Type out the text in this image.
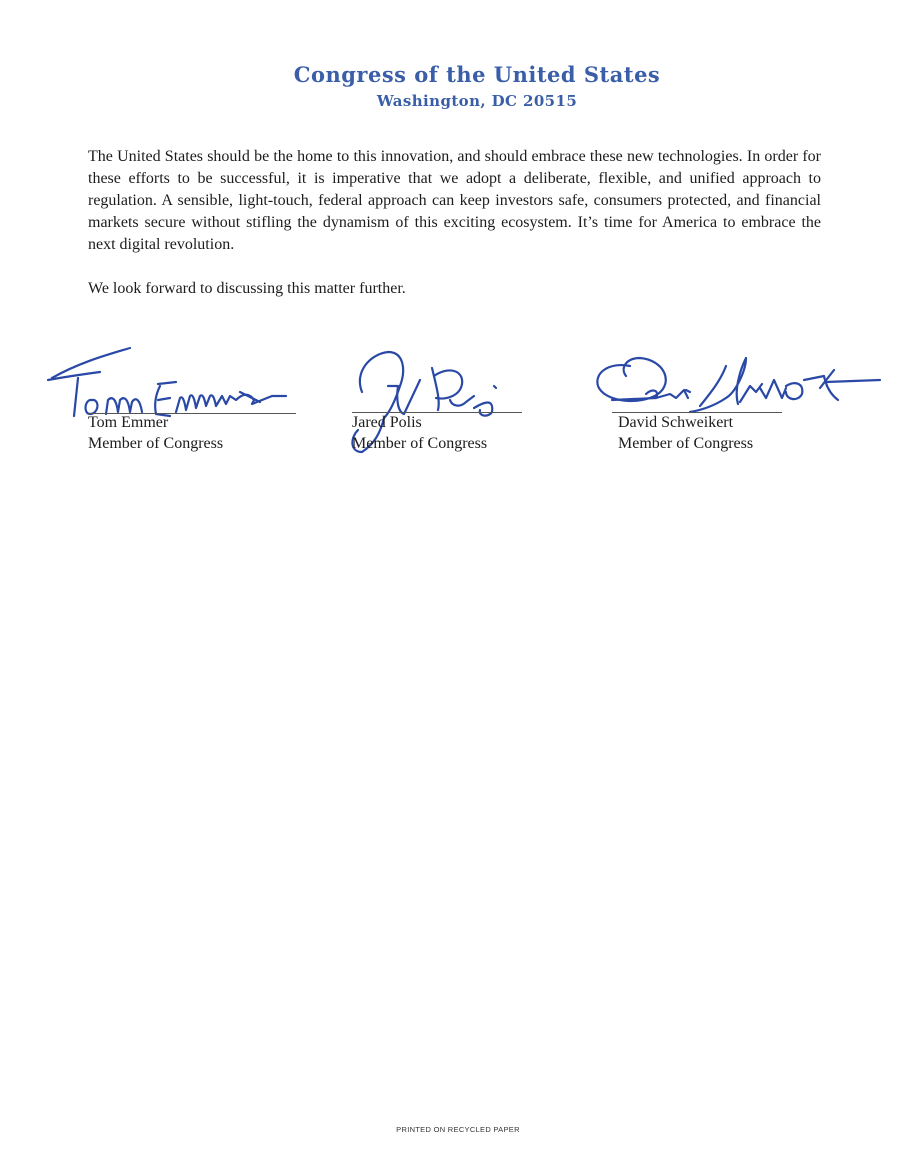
Congress of the United States
Washington, DC 20515

The United States should be the home to this innovation, and should embrace these new technologies. In order for these efforts to be successful, it is imperative that we adopt a deliberate, flexible, and unified approach to regulation. A sensible, light-touch, federal approach can keep investors safe, consumers protected, and financial markets secure without stifling the dynamism of this exciting ecosystem. It’s time for America to embrace the next digital revolution.

We look forward to discussing this matter further.

Tom Emmer
Member of Congress
Jared Polis
Member of Congress
David Schweikert
Member of Congress
PRINTED ON RECYCLED PAPER
